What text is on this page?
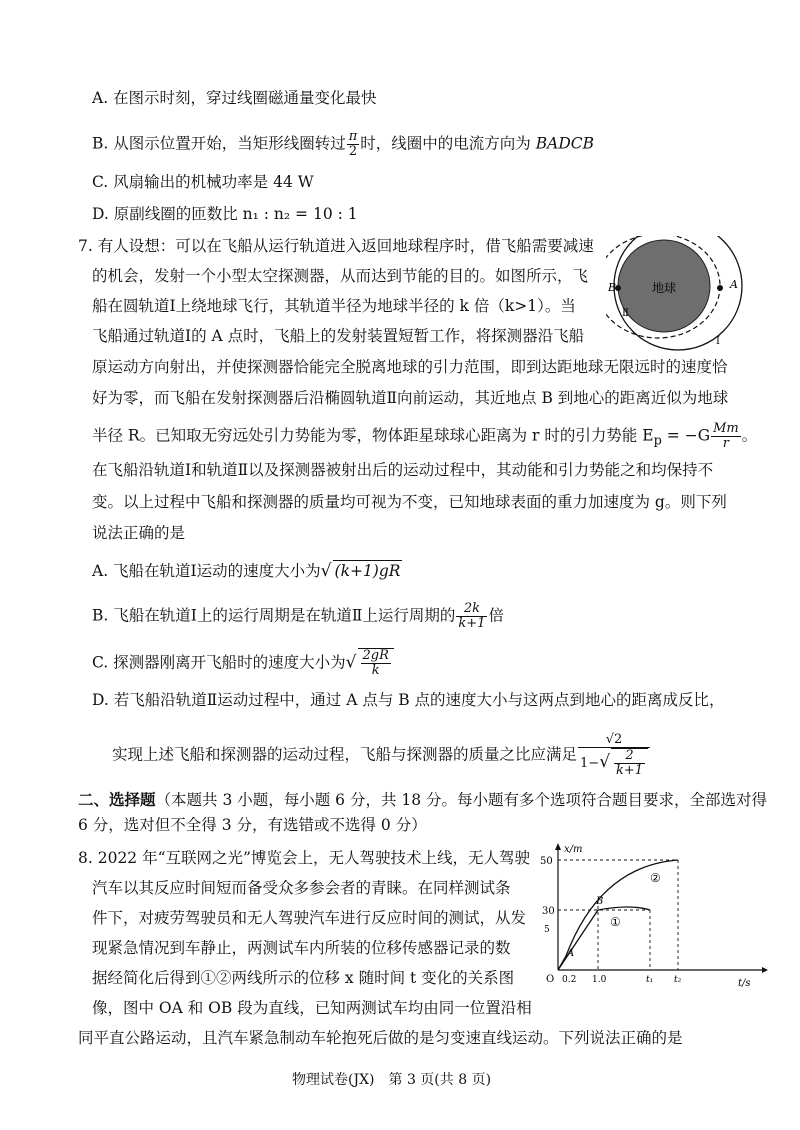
A. 在图示时刻，穿过线圈磁通量变化最快
B. 从图示位置开始，当矩形线圈转过 $\frac{\pi}{2}$ 时，线圈中的电流方向为 BADCB
C. 风扇输出的机械功率是 44 W
D. 原副线圈的匝数比 n₁ : n₂ = 10 : 1
7. 有人设想：可以在飞船从运行轨道进入返回地球程序时，借飞船需要减速
的机会，发射一个小型太空探测器，从而达到节能的目的。如图所示，飞
船在圆轨道Ⅰ上绕地球飞行，其轨道半径为地球半径的 k 倍（k>1）。当
飞船通过轨道Ⅰ的 A 点时，飞船上的发射装置短暂工作，将探测器沿飞船
原运动方向射出，并使探测器恰能完全脱离地球的引力范围，即到达距地球无限远时的速度恰
好为零，而飞船在发射探测器后沿椭圆轨道Ⅱ向前运动，其近地点 B 到地心的距离近似为地球
半径 R。已知取无穷远处引力势能为零，物体距星球球心距离为 r 时的引力势能 $E_p = -G \frac{Mm}{r}$ 。
在飞船沿轨道Ⅰ和轨道Ⅱ以及探测器被射出后的运动过程中，其动能和引力势能之和均保持不
变。以上过程中飞船和探测器的质量均可视为不变，已知地球表面的重力加速度为 g。则下列
说法正确的是
地球
B	A
Ⅱ
Ⅰ
A. 飞船在轨道Ⅰ运动的速度大小为√ (k+1)gR
B. 飞船在轨道Ⅰ上的运行周期是在轨道Ⅱ上运行周期的 $\frac{2k}{k+1}$ 倍
C. 探测器刚离开飞船时的速度大小为√ $\frac{2gR}{k}$
D. 若飞船沿轨道Ⅱ运动过程中，通过 A 点与 B 点的速度大小与这两点到地心的距离成反比，
实现上述飞船和探测器的运动过程，飞船与探测器的质量之比应满足 $\frac{√2}{1-√ \frac{2}{k+1}}$
二、选择题（本题共 3 小题，每小题 6 分，共 18 分。每小题有多个选项符合题目要求，全部选对得
6 分，选对但不全得 3 分，有选错或不选得 0 分）
8. 2022 年“互联网之光”博览会上，无人驾驶技术上线，无人驾驶
汽车以其反应时间短而备受众多参会者的青睐。在同样测试条
件下，对疲劳驾驶员和无人驾驶汽车进行反应时间的测试，从发
现紧急情况到车静止，两测试车内所装的位移传感器记录的数
据经简化后得到①②两线所示的位移 x 随时间 t 变化的关系图
像，图中 OA 和 OB 段为直线，已知两测试车均由同一位置沿相
同平直公路运动，且汽车紧急制动车轮抱死后做的是匀变速直线运动。下列说法正确的是
x/m
t/s
O
50
30
5
0.2 1.0	t₁ t₂
A
B
②
①
物理试卷(JX)　第 3 页(共 8 页)
